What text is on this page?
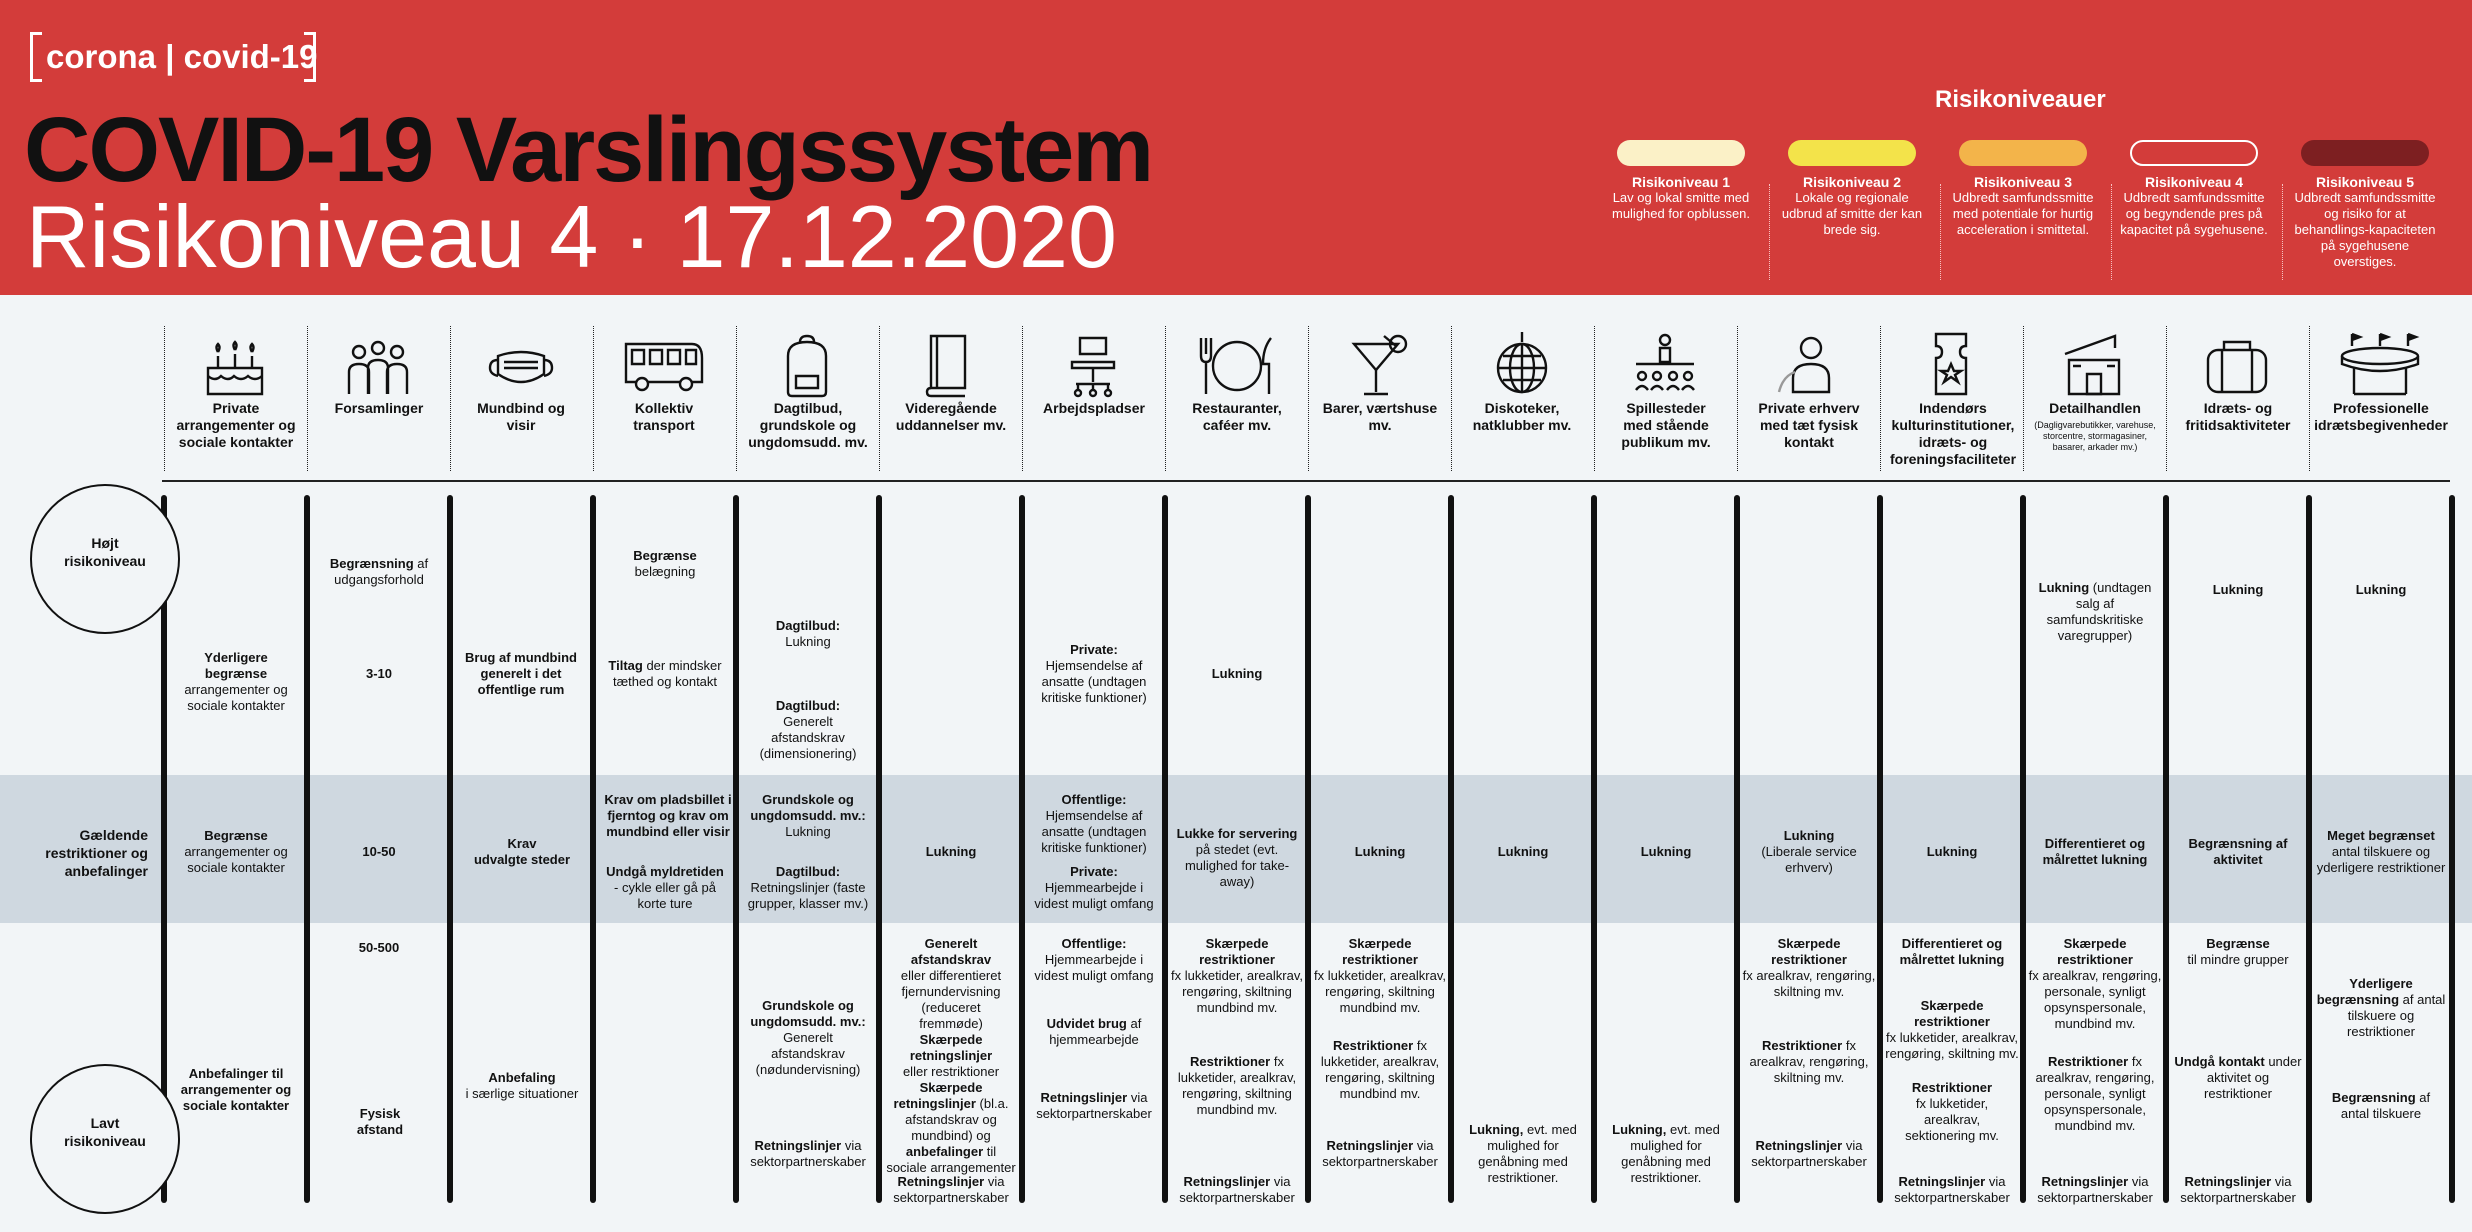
corona | covid-19
COVID-19 Varslingssystem
Risikoniveau 4 · 17.12.2020
Risikoniveauer
Risikoniveau 1
Lav og lokal smitte med mulighed for opblussen.
Risikoniveau 2
Lokale og regionale udbrud af smitte der kan brede sig.
Risikoniveau 3
Udbredt samfundssmitte med potentiale for hurtig acceleration i smittetal.
Risikoniveau 4
Udbredt samfundssmitte og begyndende pres på kapacitet på sygehusene.
Risikoniveau 5
Udbredt samfundssmitte og risiko for at behandlings-kapaciteten på sygehusene overstiges.
Private arrangementer og sociale kontakter
Forsamlinger	Mundbind og visir
Kollektiv transport
Dagtilbud, grundskole og ungdomsudd. mv.
Videregående uddannelser mv.
Arbejdspladser	Restauranter, caféer mv.
Barer, værtshuse mv.
Diskoteker, natklubber mv.
Spillesteder med stående publikum mv.
Private erhverv med tæt fysisk kontakt
Indendørs kulturinstitutioner, idræts- og foreningsfaciliteter
Detailhandlen
(Dagligvarebutikker, varehuse, storcentre, stormagasiner, basarer, arkader mv.)
Idræts- og fritidsaktiviteter
Professionelle idrætsbegivenheder
Højt risikoniveau
Gældende restriktioner og anbefalinger
Lavt risikoniveau
Yderligere begrænse
arrangementer og sociale kontakter
Begrænse
arrangementer og sociale kontakter
Anbefalinger til arrangementer og sociale kontakter
Begrænsning af udgangsforhold
3-10
10-50
50-500
Fysisk afstand
Brug af mundbind generelt i det offentlige rum
Krav
udvalgte steder
Anbefaling
i særlige situationer
Begrænse
belægning
Tiltag der mindsker tæthed og kontakt
Krav om pladsbillet i fjerntog og krav om mundbind eller visir
Undgå myldretiden
- cykle eller gå på korte ture
Dagtilbud:
Lukning
Dagtilbud:
Generelt afstandskrav (dimensionering)
Grundskole og ungdomsudd. mv.:
Lukning
Dagtilbud:
Retningslinjer (faste grupper, klasser mv.)
Grundskole og ungdomsudd. mv.:
Generelt afstandskrav (nødundervisning)
Retningslinjer via sektorpartnerskaber
Lukning
Generelt afstandskrav
eller differentieret fjernundervisning (reduceret fremmøde)
Skærpede retningslinjer
eller restriktioner
Skærpede retningslinjer (bl.a. afstandskrav og mundbind) og anbefalinger til sociale arrangementer
Retningslinjer via sektorpartnerskaber
Private:
Hjemsendelse af ansatte (undtagen kritiske funktioner)
Offentlige:
Hjemsendelse af ansatte (undtagen kritiske funktioner)
Private:
Hjemmearbejde i videst muligt omfang
Offentlige:
Hjemmearbejde i videst muligt omfang
Udvidet brug af hjemmearbejde
Retningslinjer via sektorpartnerskaber
Lukning
Lukke for servering på stedet (evt. mulighed for take-away)
Skærpede restriktioner
fx lukketider, arealkrav, rengøring, skiltning mundbind mv.
Restriktioner fx lukketider, arealkrav, rengøring, skiltning mundbind mv.
Retningslinjer via sektorpartnerskaber
Lukning
Skærpede restriktioner
fx lukketider, arealkrav, rengøring, skiltning mundbind mv.
Restriktioner fx lukketider, arealkrav, rengøring, skiltning mundbind mv.
Retningslinjer via sektorpartnerskaber
Lukning
Lukning, evt. med mulighed for genåbning med restriktioner.
Lukning
Lukning, evt. med mulighed for genåbning med restriktioner.
Lukning
(Liberale service erhverv)
Skærpede restriktioner
fx arealkrav, rengøring, skiltning mv.
Restriktioner fx arealkrav, rengøring, skiltning mv.
Retningslinjer via sektorpartnerskaber
Lukning
Differentieret og målrettet lukning
Skærpede restriktioner
fx lukketider, arealkrav, rengøring, skiltning mv.
Restriktioner
fx lukketider, arealkrav, sektionering mv.
Retningslinjer via sektorpartnerskaber
Lukning (undtagen salg af samfundskritiske varegrupper)
Differentieret og målrettet lukning
Skærpede restriktioner
fx arealkrav, rengøring, personale, synligt opsynspersonale, mundbind mv.
Restriktioner fx arealkrav, rengøring, personale, synligt opsynspersonale, mundbind mv.
Retningslinjer via sektorpartnerskaber
Lukning
Begrænsning af aktivitet
Begrænse
til mindre grupper
Undgå kontakt under aktivitet og restriktioner
Retningslinjer via sektorpartnerskaber
Lukning
Meget begrænset
antal tilskuere og yderligere restriktioner
Yderligere begrænsning af antal tilskuere og restriktioner
Begrænsning af antal tilskuere
